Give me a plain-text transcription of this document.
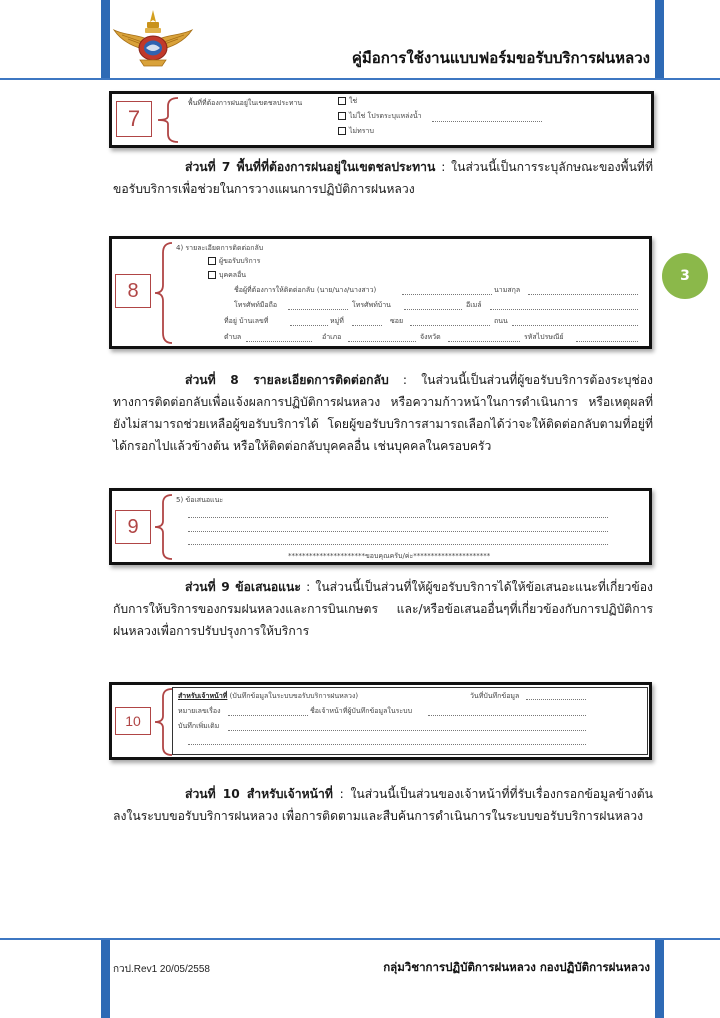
คู่มือการใช้งานแบบฟอร์มขอรับบริการฝนหลวง
3
7
พื้นที่ที่ต้องการฝนอยู่ในเขตชลประทาน	ใช่
ไม่ใช่ โปรดระบุแหล่งน้ำ
ไม่ทราบ

ส่วนที่ 7 พื้นที่ที่ต้องการฝนอยู่ในเขตชลประทาน : ในส่วนนี้เป็นการระบุลักษณะของพื้นที่ที่ขอรับบริการเพื่อช่วยในการวางแผนการปฏิบัติการฝนหลวง

8
4) รายละเอียดการติดต่อกลับ
ผู้ขอรับบริการ
บุคคลอื่น
ชื่อผู้ที่ต้องการให้ติดต่อกลับ (นาย/นาง/นางสาว)	นามสกุล
โทรศัพท์มือถือ	โทรศัพท์บ้าน	อีเมล์
ที่อยู่ บ้านเลขที่	หมู่ที่	ซอย	ถนน
ตำบล	อำเภอ	จังหวัด	รหัสไปรษณีย์

ส่วนที่ 8 รายละเอียดการติดต่อกลับ : ในส่วนนี้เป็นส่วนที่ผู้ขอรับบริการต้องระบุช่องทางการติดต่อกลับเพื่อแจ้งผลการปฏิบัติการฝนหลวง หรือความก้าวหน้าในการดำเนินการ หรือเหตุผลที่ยังไม่สามารถช่วยเหลือผู้ขอรับบริการได้ โดยผู้ขอรับบริการสามารถเลือกได้ว่าจะให้ติดต่อกลับตามที่อยู่ที่ได้กรอกไปแล้วข้างต้น หรือให้ติดต่อกลับบุคคลอื่น เช่นบุคคลในครอบครัว

9
5) ข้อเสนอแนะ
**********************ขอบคุณครับ/ค่ะ**********************

ส่วนที่ 9 ข้อเสนอแนะ : ในส่วนนี้เป็นส่วนที่ให้ผู้ขอรับบริการได้ให้ข้อเสนอะแนะที่เกี่ยวข้องกับการให้บริการของกรมฝนหลวงและการบินเกษตร และ/หรือข้อเสนออื่นๆที่เกี่ยวข้องกับการปฏิบัติการฝนหลวงเพื่อการปรับปรุงการให้บริการ

10
สำหรับเจ้าหน้าที่ (บันทึกข้อมูลในระบบขอรับบริการฝนหลวง)	วันที่บันทึกข้อมูล
หมายเลขเรื่อง	ชื่อเจ้าหน้าที่ผู้บันทึกข้อมูลในระบบ
บันทึกเพิ่มเติม

ส่วนที่ 10 สำหรับเจ้าหน้าที่ : ในส่วนนี้เป็นส่วนของเจ้าหน้าที่ที่รับเรื่องกรอกข้อมูลข้างต้นลงในระบบขอรับบริการฝนหลวง เพื่อการติดตามและสืบค้นการดำเนินการในระบบขอรับบริการฝนหลวง

กวป.Rev1 20/05/2558	กลุ่มวิชาการปฏิบัติการฝนหลวง กองปฏิบัติการฝนหลวง
